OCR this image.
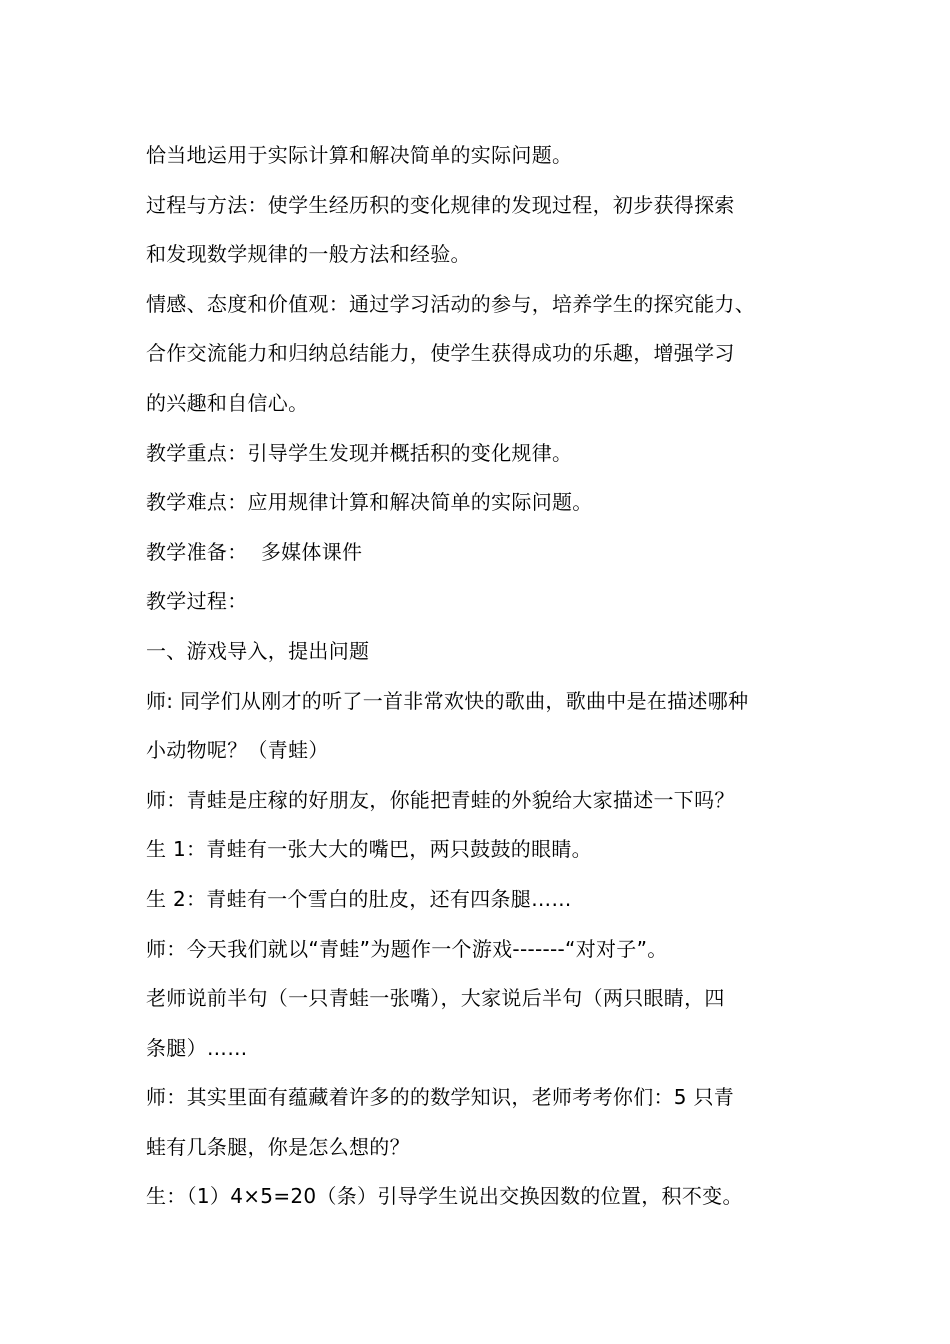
恰当地运用于实际计算和解决简单的实际问题。
过程与方法：使学生经历积的变化规律的发现过程，初步获得探索
和发现数学规律的一般方法和经验。
情感、态度和价值观：通过学习活动的参与，培养学生的探究能力、
合作交流能力和归纳总结能力，使学生获得成功的乐趣，增强学习
的兴趣和自信心。
教学重点：引导学生发现并概括积的变化规律。
教学难点：应用规律计算和解决简单的实际问题。
教学准备：  多媒体课件
教学过程：
一、游戏导入，提出问题
师: 同学们从刚才的听了一首非常欢快的歌曲，歌曲中是在描述哪种
小动物呢？（青蛙）
师：青蛙是庄稼的好朋友，你能把青蛙的外貌给大家描述一下吗？
生 1：青蛙有一张大大的嘴巴，两只鼓鼓的眼睛。
生 2：青蛙有一个雪白的肚皮，还有四条腿……
师：今天我们就以“青蛙”为题作一个游戏-------“对对子”。
老师说前半句（一只青蛙一张嘴），大家说后半句（两只眼睛，四
条腿）……
师：其实里面有蕴藏着许多的的数学知识，老师考考你们：5 只青
蛙有几条腿，你是怎么想的？
生：（1）4×5=20（条）引导学生说出交换因数的位置，积不变。
